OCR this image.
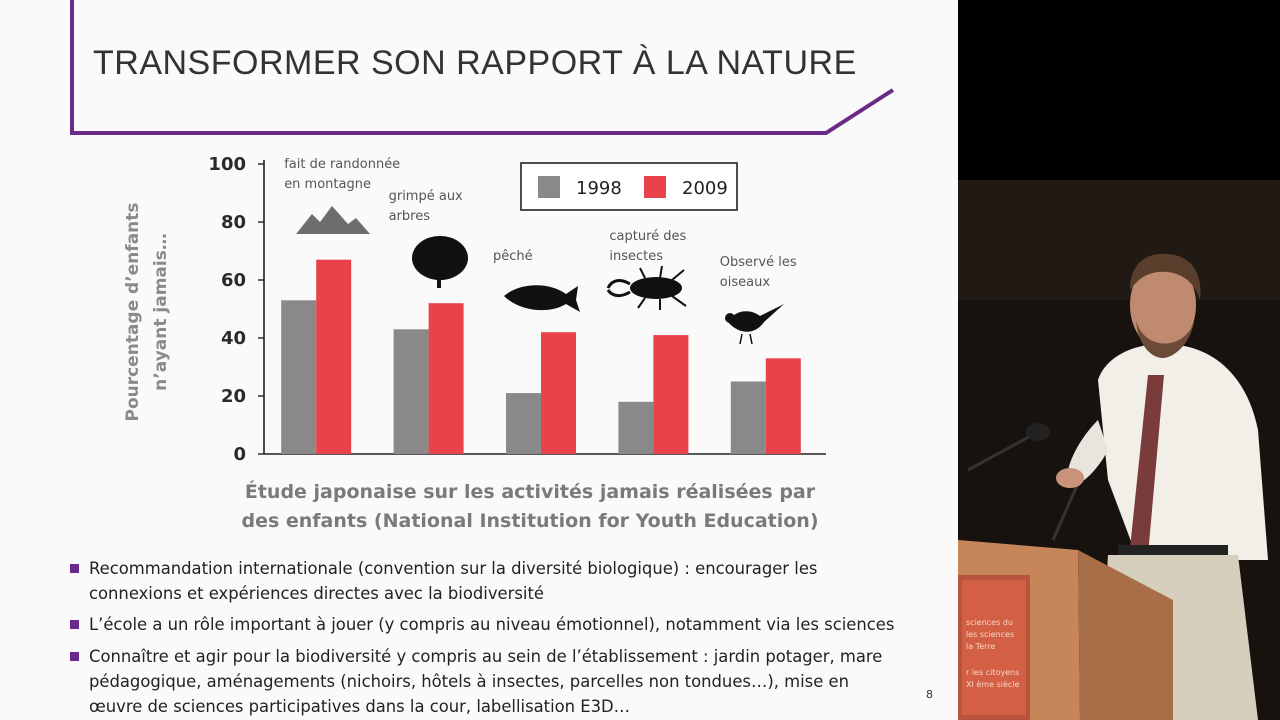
TRANSFORMER SON RAPPORT À LA NATURE
0
20
40
60
80
100
Pourcentage d’enfants n’ayant jamais…
fait de randonnée
en montagne
grimpé aux
arbres
pêché
capturé des
insectes	Observé les
oiseaux
1998	2009
Étude japonaise sur les activités jamais réalisées par
des enfants (National Institution for Youth Education)
Recommandation internationale (convention sur la diversité biologique) : encourager les
connexions et expériences directes avec la biodiversité
L’école a un rôle important à jouer (y compris au niveau émotionnel), notamment via les sciences
Connaître et agir pour la biodiversité y compris au sein de l’établissement : jardin potager, mare
pédagogique, aménagements (nichoirs, hôtels à insectes, parcelles non tondues…), mise en
œuvre de sciences participatives dans la cour, labellisation E3D…
8
sciences du
les sciences
la Terre
r les citoyens
XI ème siècle
